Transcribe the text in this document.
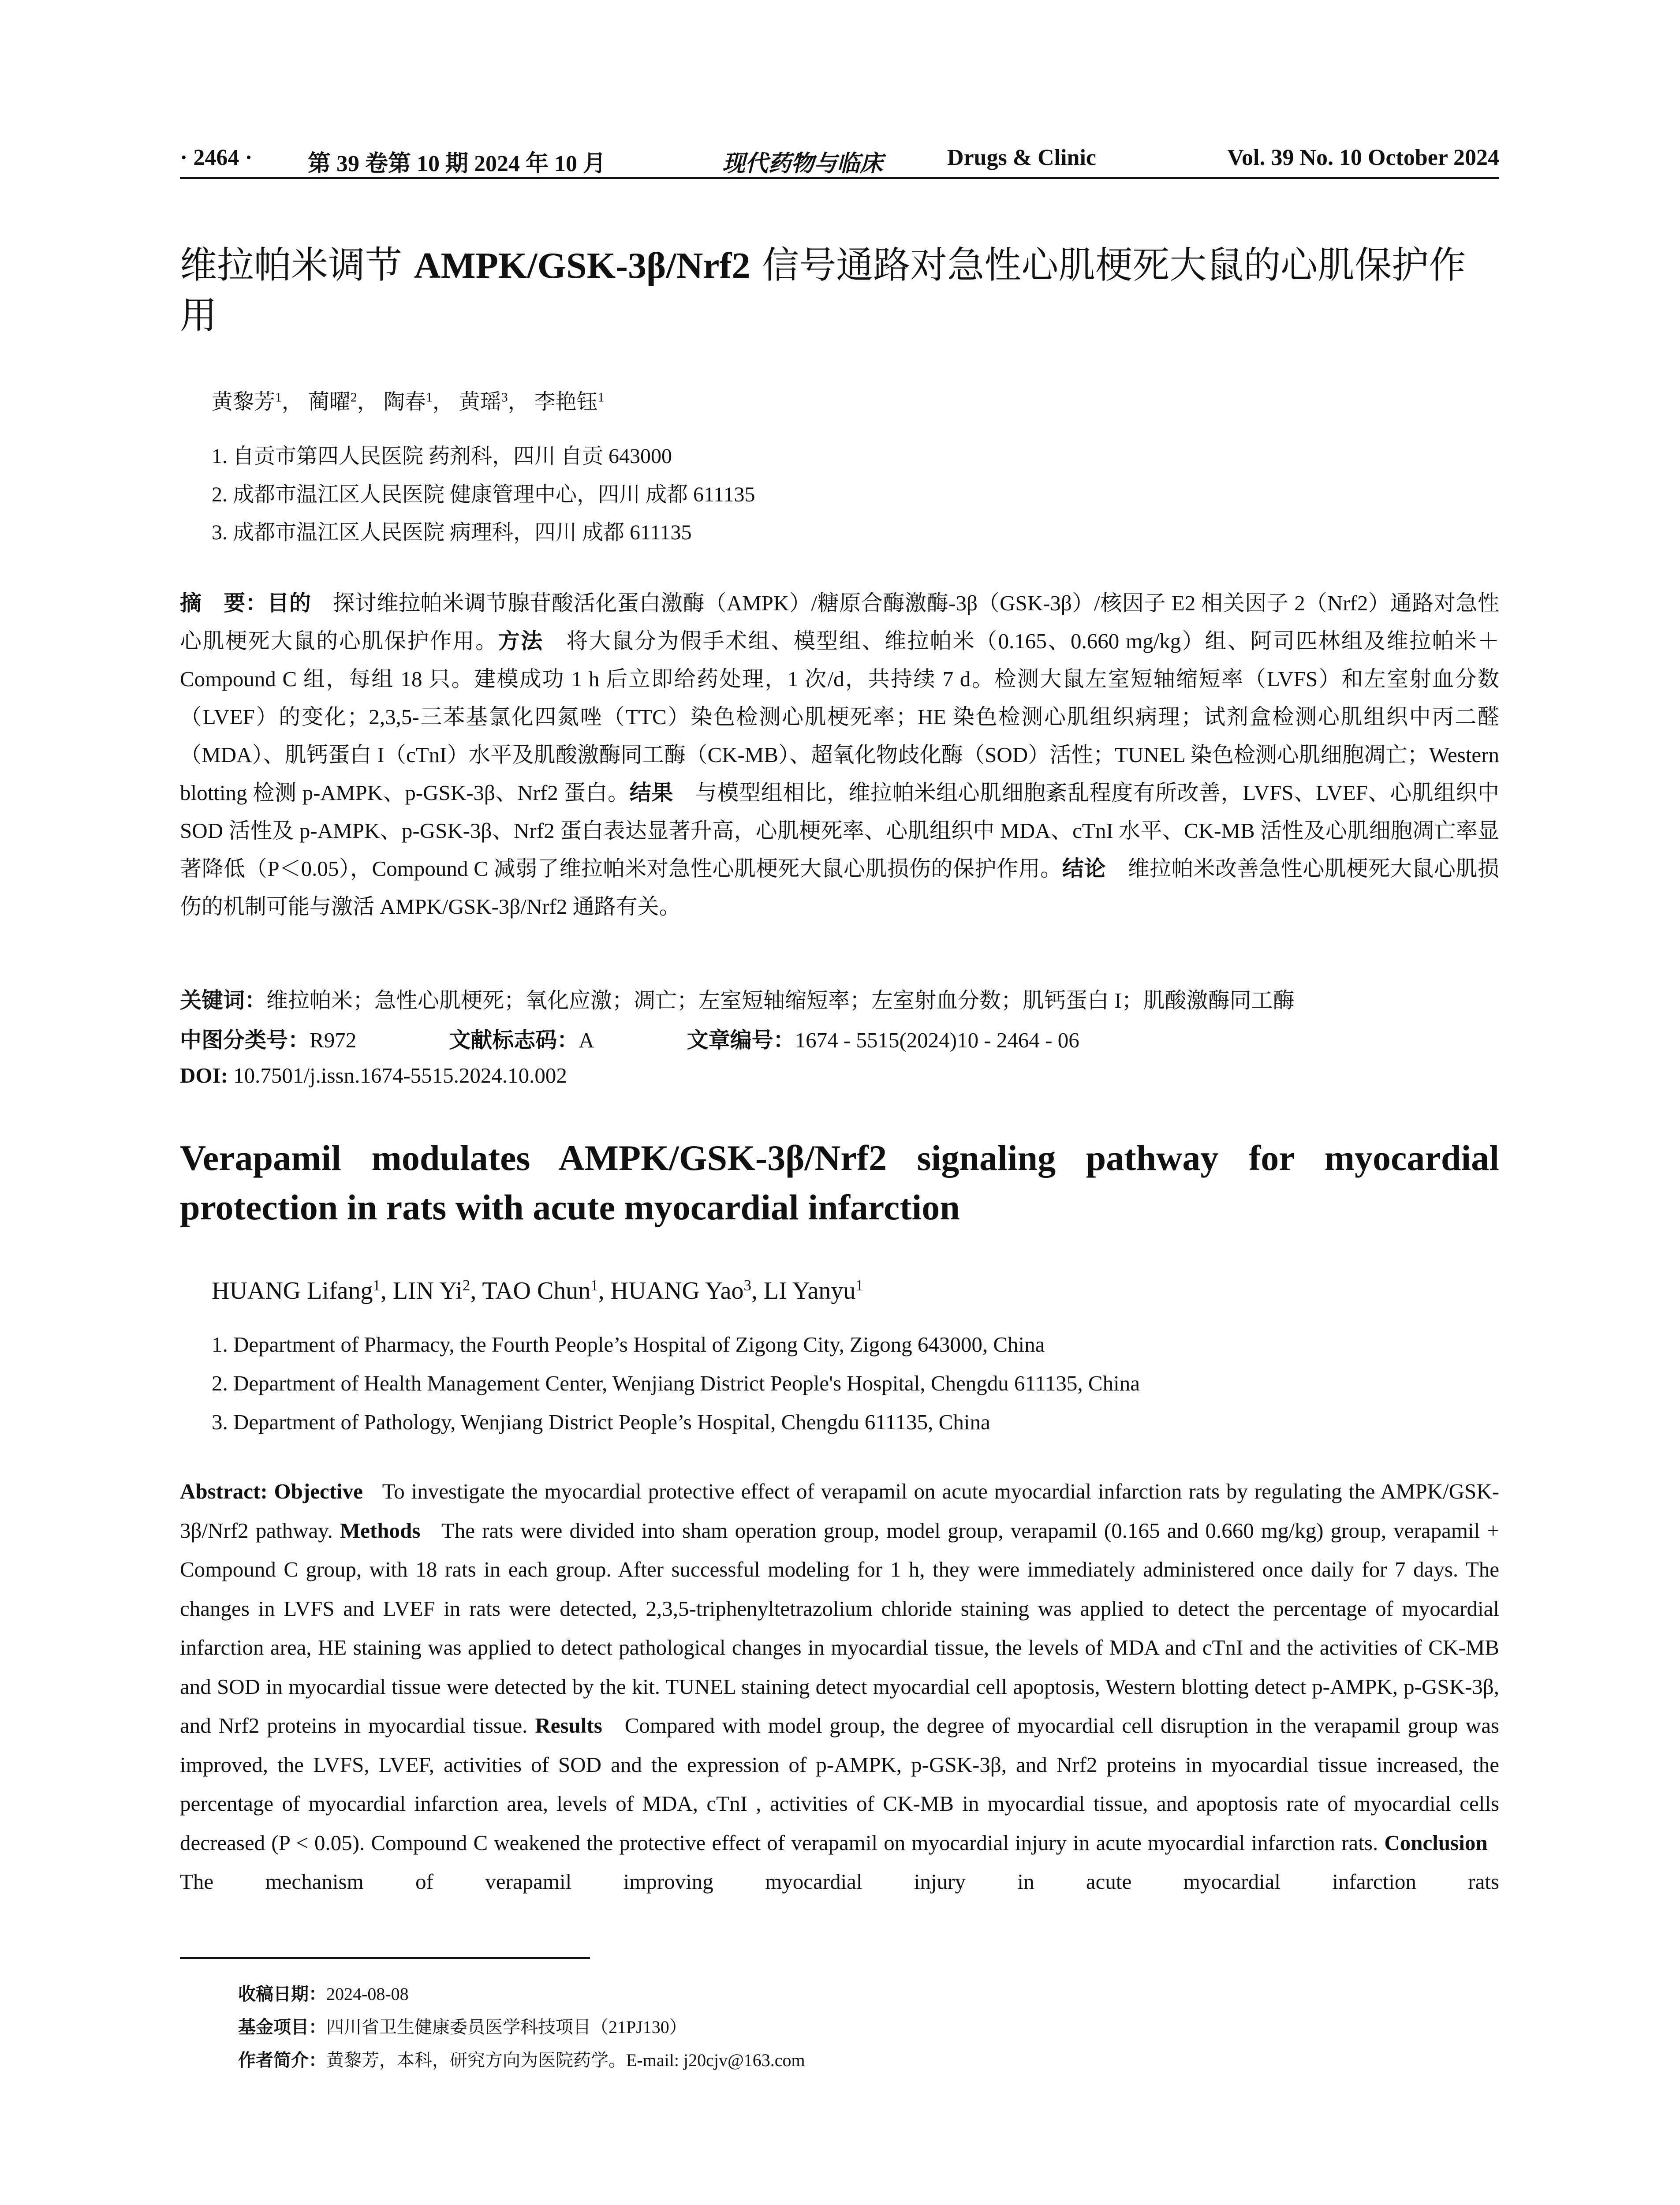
· 2464 · 第 39 卷第 10 期 2024 年 10 月	现代药物与临床	Drugs & Clinic	Vol. 39 No. 10 October 2024
维拉帕米调节 AMPK/GSK-3β/Nrf2 信号通路对急性心肌梗死大鼠的心肌保护作用
黄黎芳$^1$， 蔺曜$^2$， 陶春$^1$， 黄瑶$^3$， 李艳钰$^1$
1. 自贡市第四人民医院 药剂科，四川 自贡 643000
2. 成都市温江区人民医院 健康管理中心，四川 成都 611135
3. 成都市温江区人民医院 病理科，四川 成都 611135
摘　要：目的　 探讨维拉帕米调节腺苷酸活化蛋白激酶（AMPK）/糖原合酶激酶-3β（GSK-3β）/核因子 E2 相关因子 2（Nrf2）通路对急性心肌梗死大鼠的心肌保护作用。方法　 将大鼠分为假手术组、模型组、维拉帕米（0.165、0.660 mg/kg）组、阿司匹林组及维拉帕米＋Compound C 组，每组 18 只。建模成功 1 h 后立即给药处理，1 次/d，共持续 7 d。检测大鼠左室短轴缩短率（LVFS）和左室射血分数（LVEF）的变化；2,3,5-三苯基氯化四氮唑（TTC）染色检测心肌梗死率；HE 染色检测心肌组织病理；试剂盒检测心肌组织中丙二醛（MDA）、肌钙蛋白 I（cTnI）水平及肌酸激酶同工酶（CK-MB）、超氧化物歧化酶（SOD）活性；TUNEL 染色检测心肌细胞凋亡；Western blotting 检测 p-AMPK、p-GSK-3β、Nrf2 蛋白。结果　 与模型组相比，维拉帕米组心肌细胞紊乱程度有所改善，LVFS、LVEF、心肌组织中 SOD 活性及 p-AMPK、p-GSK-3β、Nrf2 蛋白表达显著升高，心肌梗死率、心肌组织中 MDA、cTnI 水平、CK-MB 活性及心肌细胞凋亡率显著降低（P＜0.05），Compound C 减弱了维拉帕米对急性心肌梗死大鼠心肌损伤的保护作用。结论　 维拉帕米改善急性心肌梗死大鼠心肌损伤的机制可能与激活 AMPK/GSK-3β/Nrf2 通路有关。
关键词：维拉帕米；急性心肌梗死；氧化应激；凋亡；左室短轴缩短率；左室射血分数；肌钙蛋白 I；肌酸激酶同工酶
中图分类号：R972	文献标志码：A	文章编号：1674 - 5515(2024)10 - 2464 - 06
DOI: 10.7501/j.issn.1674-5515.2024.10.002
Verapamil modulates AMPK/GSK-3β/Nrf2 signaling pathway for myocardial protection in rats with acute myocardial infarction
HUANG Lifang$^1$, LIN Yi$^2$, TAO Chun$^1$, HUANG Yao$^3$, LI Yanyu$^1$
1. Department of Pharmacy, the Fourth People’s Hospital of Zigong City, Zigong 643000, China
2. Department of Health Management Center, Wenjiang District People's Hospital, Chengdu 611135, China
3. Department of Pathology, Wenjiang District People’s Hospital, Chengdu 611135, China
Abstract: Objective To investigate the myocardial protective effect of verapamil on acute myocardial infarction rats by regulating the AMPK/GSK-3β/Nrf2 pathway. Methods The rats were divided into sham operation group, model group, verapamil (0.165 and 0.660 mg/kg) group, verapamil + Compound C group, with 18 rats in each group. After successful modeling for 1 h, they were immediately administered once daily for 7 days. The changes in LVFS and LVEF in rats were detected, 2,3,5-triphenyltetrazolium chloride staining was applied to detect the percentage of myocardial infarction area, HE staining was applied to detect pathological changes in myocardial tissue, the levels of MDA and cTnI and the activities of CK-MB and SOD in myocardial tissue were detected by the kit. TUNEL staining detect myocardial cell apoptosis, Western blotting detect p-AMPK, p-GSK-3β, and Nrf2 proteins in myocardial tissue. Results Compared with model group, the degree of myocardial cell disruption in the verapamil group was improved, the LVFS, LVEF, activities of SOD and the expression of p-AMPK, p-GSK-3β, and Nrf2 proteins in myocardial tissue increased, the percentage of myocardial infarction area, levels of MDA, cTnI , activities of CK-MB in myocardial tissue, and apoptosis rate of myocardial cells decreased (P < 0.05). Compound C weakened the protective effect of verapamil on myocardial injury in acute myocardial infarction rats. Conclusion   The mechanism of verapamil improving myocardial injury in acute myocardial infarction rats
收稿日期：2024-08-08
基金项目：四川省卫生健康委员医学科技项目（21PJ130）
作者简介：黄黎芳，本科，研究方向为医院药学。E-mail: j20cjv@163.com
